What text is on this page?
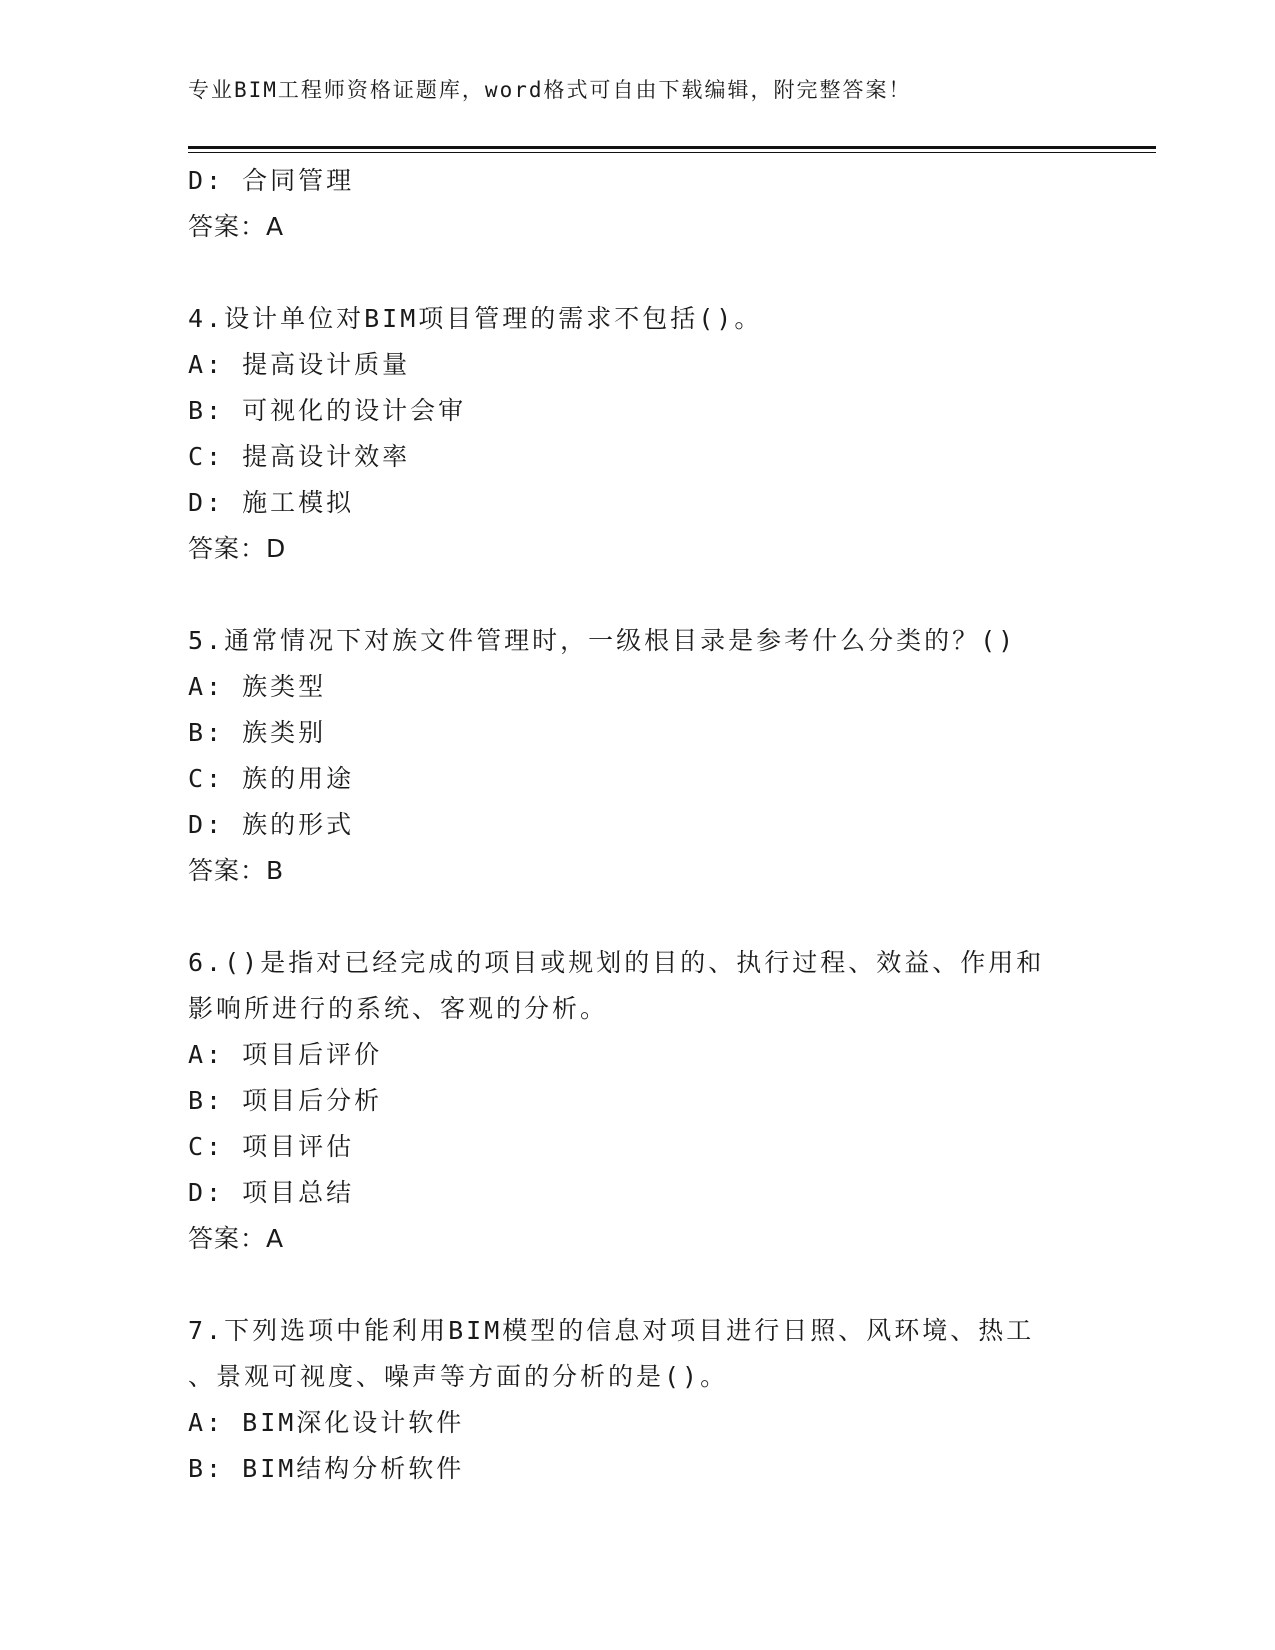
专业BIM工程师资格证题库，word格式可自由下载编辑，附完整答案！
D: 合同管理
答案：A
4.设计单位对BIM项目管理的需求不包括()。
A: 提高设计质量
B: 可视化的设计会审
C: 提高设计效率
D: 施工模拟
答案：D
5.通常情况下对族文件管理时，一级根目录是参考什么分类的？()
A: 族类型
B: 族类别
C: 族的用途
D: 族的形式
答案：B
6.()是指对已经完成的项目或规划的目的、执行过程、效益、作用和
影响所进行的系统、客观的分析。
A: 项目后评价
B: 项目后分析
C: 项目评估
D: 项目总结
答案：A
7.下列选项中能利用BIM模型的信息对项目进行日照、风环境、热工
、景观可视度、噪声等方面的分析的是()。
A: BIM深化设计软件
B: BIM结构分析软件
